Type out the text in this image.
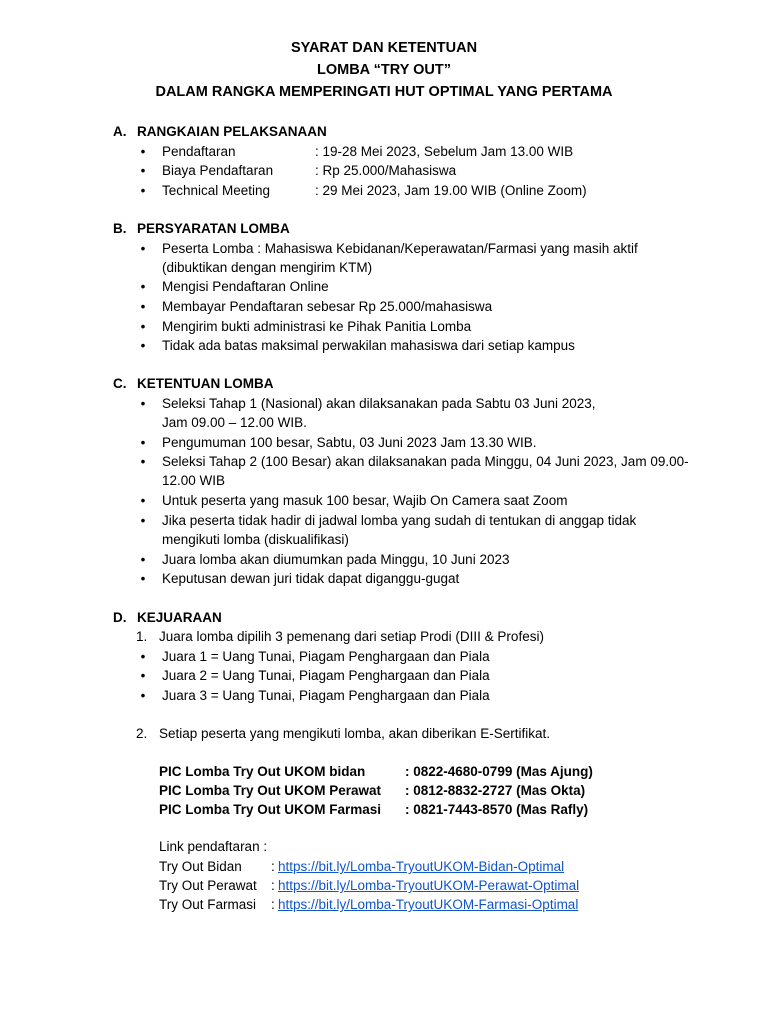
SYARAT DAN KETENTUAN
LOMBA “TRY OUT”
DALAM RANGKA MEMPERINGATI HUT OPTIMAL YANG PERTAMA
A. RANGKAIAN PELAKSANAAN
• Pendaftaran	: 19-28 Mei 2023, Sebelum Jam 13.00 WIB
• Biaya Pendaftaran	: Rp 25.000/Mahasiswa
• Technical Meeting	: 29 Mei 2023, Jam 19.00 WIB (Online Zoom)
B. PERSYARATAN LOMBA
• Peserta Lomba : Mahasiswa Kebidanan/Keperawatan/Farmasi yang masih aktif
(dibuktikan dengan mengirim KTM)
• Mengisi Pendaftaran Online
• Membayar Pendaftaran sebesar Rp 25.000/mahasiswa
• Mengirim bukti administrasi ke Pihak Panitia Lomba
• Tidak ada batas maksimal perwakilan mahasiswa dari setiap kampus
C. KETENTUAN LOMBA
• Seleksi Tahap 1 (Nasional) akan dilaksanakan pada Sabtu 03 Juni 2023,
Jam 09.00 – 12.00 WIB.
• Pengumuman 100 besar, Sabtu, 03 Juni 2023 Jam 13.30 WIB.
• Seleksi Tahap 2 (100 Besar) akan dilaksanakan pada Minggu, 04 Juni 2023, Jam 09.00-
12.00 WIB
• Untuk peserta yang masuk 100 besar, Wajib On Camera saat Zoom
• Jika peserta tidak hadir di jadwal lomba yang sudah di tentukan di anggap tidak
mengikuti lomba (diskualifikasi)
• Juara lomba akan diumumkan pada Minggu, 10 Juni 2023
• Keputusan dewan juri tidak dapat diganggu-gugat
D. KEJUARAAN
1. Juara lomba dipilih 3 pemenang dari setiap Prodi (DIII & Profesi)
• Juara 1 = Uang Tunai, Piagam Penghargaan dan Piala
• Juara 2 = Uang Tunai, Piagam Penghargaan dan Piala
• Juara 3 = Uang Tunai, Piagam Penghargaan dan Piala
2. Setiap peserta yang mengikuti lomba, akan diberikan E-Sertifikat.
PIC Lomba Try Out UKOM bidan	: 0822-4680-0799 (Mas Ajung)
PIC Lomba Try Out UKOM Perawat : 0812-8832-2727 (Mas Okta)
PIC Lomba Try Out UKOM Farmasi : 0821-7443-8570 (Mas Rafly)
Link pendaftaran :
Try Out Bidan : https://bit.ly/Lomba-TryoutUKOM-Bidan-Optimal
Try Out Perawat : https://bit.ly/Lomba-TryoutUKOM-Perawat-Optimal
Try Out Farmasi : https://bit.ly/Lomba-TryoutUKOM-Farmasi-Optimal
